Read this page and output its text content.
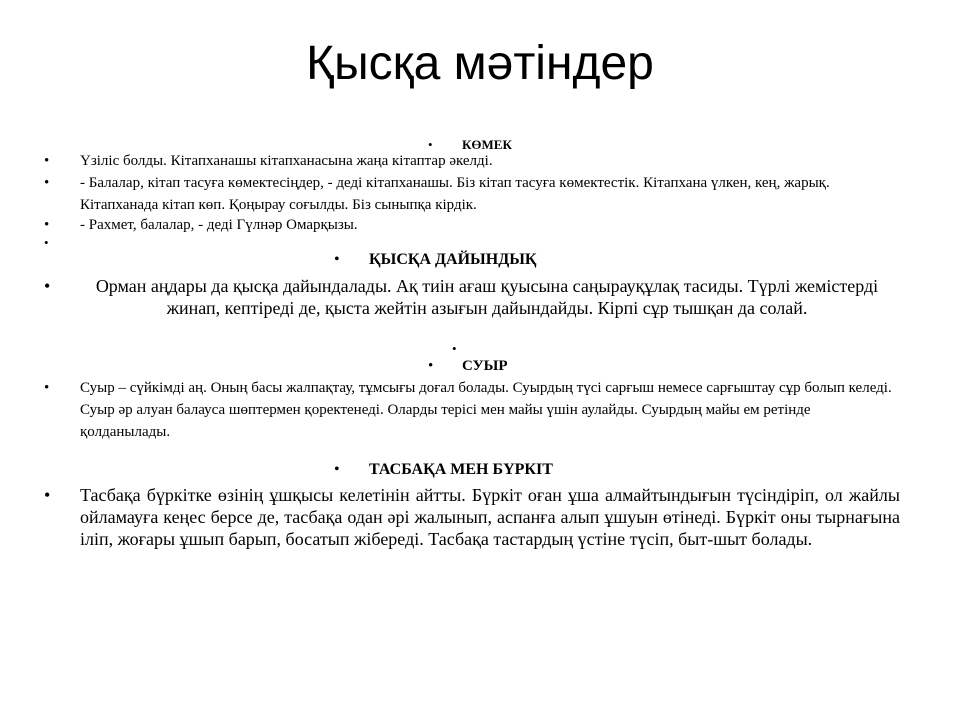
Қысқа мәтіндер
• КӨМЕК
• Үзіліс болды. Кітапханашы кітапханасына жаңа кітаптар әкелді.
• - Балалар, кітап тасуға көмектесіңдер, - деді кітапханашы. Біз кітап тасуға көмектестік. Кітапхана үлкен, кең, жарық. Кітапханада кітап көп. Қоңырау соғылды. Біз сыныпқа кірдік.
• - Рахмет, балалар, - деді Гүлнәр Омарқызы.
•
• ҚЫСҚА ДАЙЫНДЫҚ
•	Орман аңдары да қысқа дайындалады. Ақ тиін ағаш қуысына саңырауқұлақ тасиды. Түрлі жемістерді жинап, кептіреді де, қыста жейтін азығын дайындайды. Кірпі сұр тышқан да солай.
•
• СУЫР
• Суыр – сүйкімді аң. Оның басы жалпақтау, тұмсығы доғал болады. Суырдың түсі сарғыш немесе сарғыштау сұр болып келеді. Суыр әр алуан балауса шөптермен қоректенеді. Оларды терісі мен майы үшін аулайды. Суырдың майы ем ретінде қолданылады.
• ТАСБАҚА МЕН БҮРКІТ
• Тасбақа бүркітке өзінің ұшқысы келетінін айтты. Бүркіт оған ұша алмайтындығын түсіндіріп, ол жайлы ойламауға кеңес берсе де, тасбақа одан әрі жалынып, аспанға алып ұшуын өтінеді. Бүркіт оны тырнағына іліп, жоғары ұшып барып, босатып жібереді. Тасбақа тастардың үстіне түсіп, быт-шыт болады.
